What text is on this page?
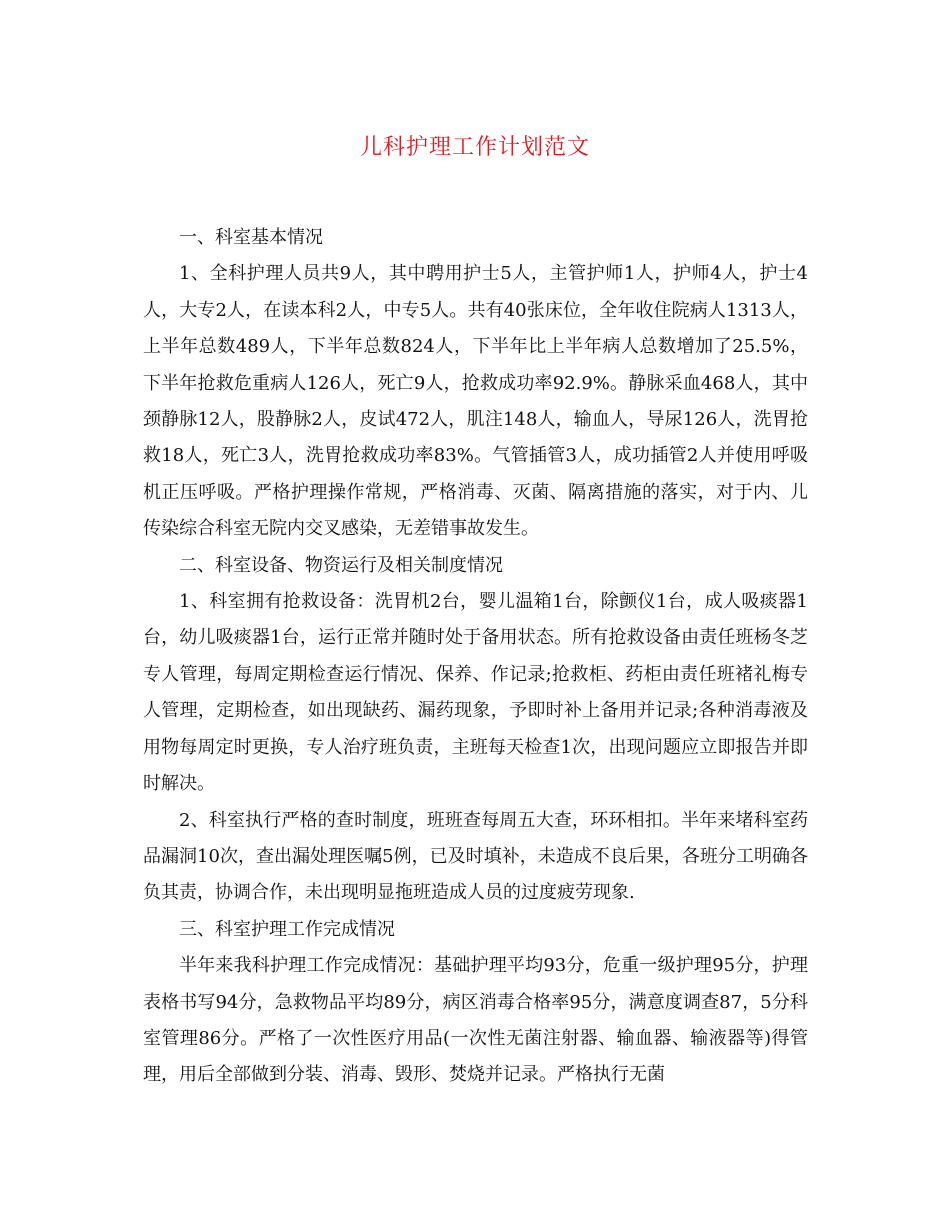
儿科护理工作计划范文

一、科室基本情况

1、全科护理人员共9人，其中聘用护士5人，主管护师1人，护师4人，护士4人，大专2人，在读本科2人，中专5人。共有40张床位，全年收住院病人1313人，上半年总数489人，下半年总数824人，下半年比上半年病人总数增加了25.5%，下半年抢救危重病人126人，死亡9人，抢救成功率92.9%。静脉采血468人，其中颈静脉12人，股静脉2人，皮试472人，肌注148人，输血人，导尿126人，洗胃抢救18人，死亡3人，洗胃抢救成功率83%。气管插管3人，成功插管2人并使用呼吸机正压呼吸。严格护理操作常规，严格消毒、灭菌、隔离措施的落实，对于内、儿传染综合科室无院内交叉感染，无差错事故发生。

二、科室设备、物资运行及相关制度情况

1、科室拥有抢救设备：洗胃机2台，婴儿温箱1台，除颤仪1台，成人吸痰器1台，幼儿吸痰器1台，运行正常并随时处于备用状态。所有抢救设备由责任班杨冬芝专人管理，每周定期检查运行情况、保养、作记录;抢救柜、药柜由责任班褚礼梅专人管理，定期检查，如出现缺药、漏药现象，予即时补上备用并记录;各种消毒液及用物每周定时更换，专人治疗班负责，主班每天检查1次，出现问题应立即报告并即时解决。

2、科室执行严格的查时制度，班班查每周五大查，环环相扣。半年来堵科室药品漏洞10次，查出漏处理医嘱5例，已及时填补，未造成不良后果，各班分工明确各负其责，协调合作，未出现明显拖班造成人员的过度疲劳现象.

三、科室护理工作完成情况

半年来我科护理工作完成情况：基础护理平均93分，危重一级护理95分，护理表格书写94分，急救物品平均89分，病区消毒合格率95分，满意度调查87，5分科室管理86分。严格了一次性医疗用品(一次性无菌注射器、输血器、输液器等)得管理，用后全部做到分装、消毒、毁形、焚烧并记录。严格执行无菌
